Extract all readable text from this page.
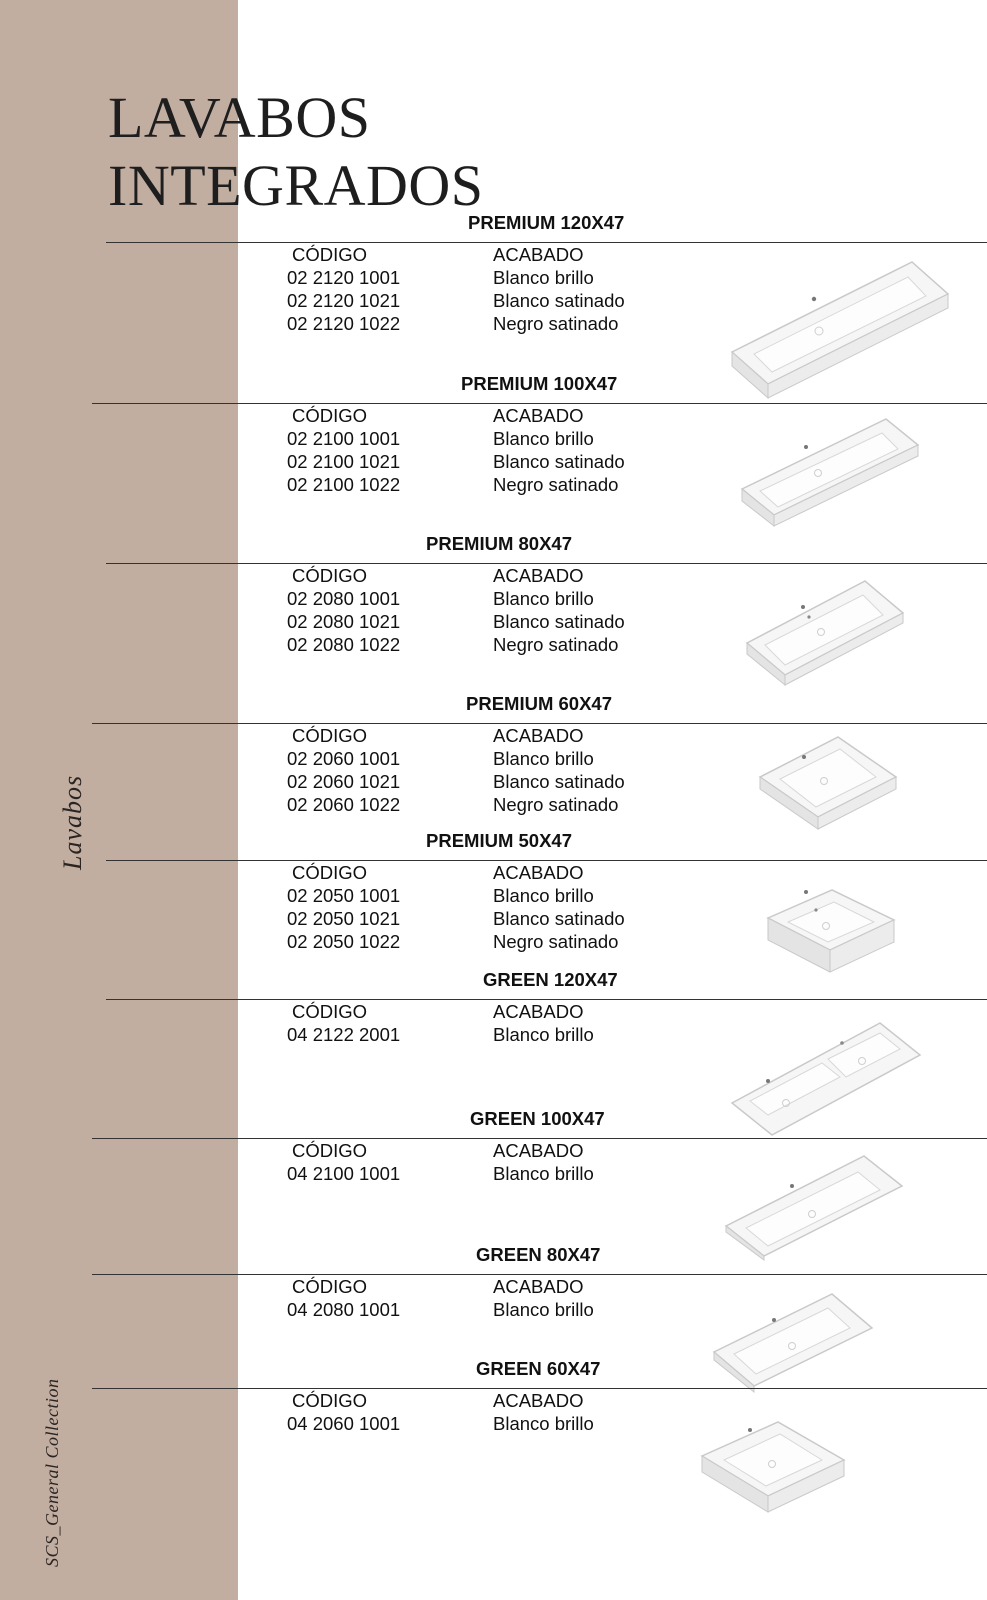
Lavabos
SCS_General Collection
LAVABOS
INTEGRADOS
PREMIUM 120X47
CÓDIGO	ACABADO
02 2120 1001	Blanco brillo
02 2120 1021	Blanco satinado
02 2120 1022	Negro satinado
PREMIUM 100X47
CÓDIGO	ACABADO
02 2100 1001	Blanco brillo
02 2100 1021	Blanco satinado
02 2100 1022	Negro satinado
PREMIUM 80X47
CÓDIGO	ACABADO
02 2080 1001	Blanco brillo
02 2080 1021	Blanco satinado
02 2080 1022	Negro satinado
PREMIUM 60X47
CÓDIGO	ACABADO
02 2060 1001	Blanco brillo
02 2060 1021	Blanco satinado
02 2060 1022	Negro satinado
PREMIUM 50X47
CÓDIGO	ACABADO
02 2050 1001	Blanco brillo
02 2050 1021	Blanco satinado
02 2050 1022	Negro satinado
GREEN 120X47
CÓDIGO	ACABADO
04 2122 2001	Blanco brillo
GREEN 100X47
CÓDIGO	ACABADO
04 2100 1001	Blanco brillo
GREEN 80X47
CÓDIGO	ACABADO
04 2080 1001	Blanco brillo
GREEN 60X47
CÓDIGO	ACABADO
04 2060 1001	Blanco brillo
